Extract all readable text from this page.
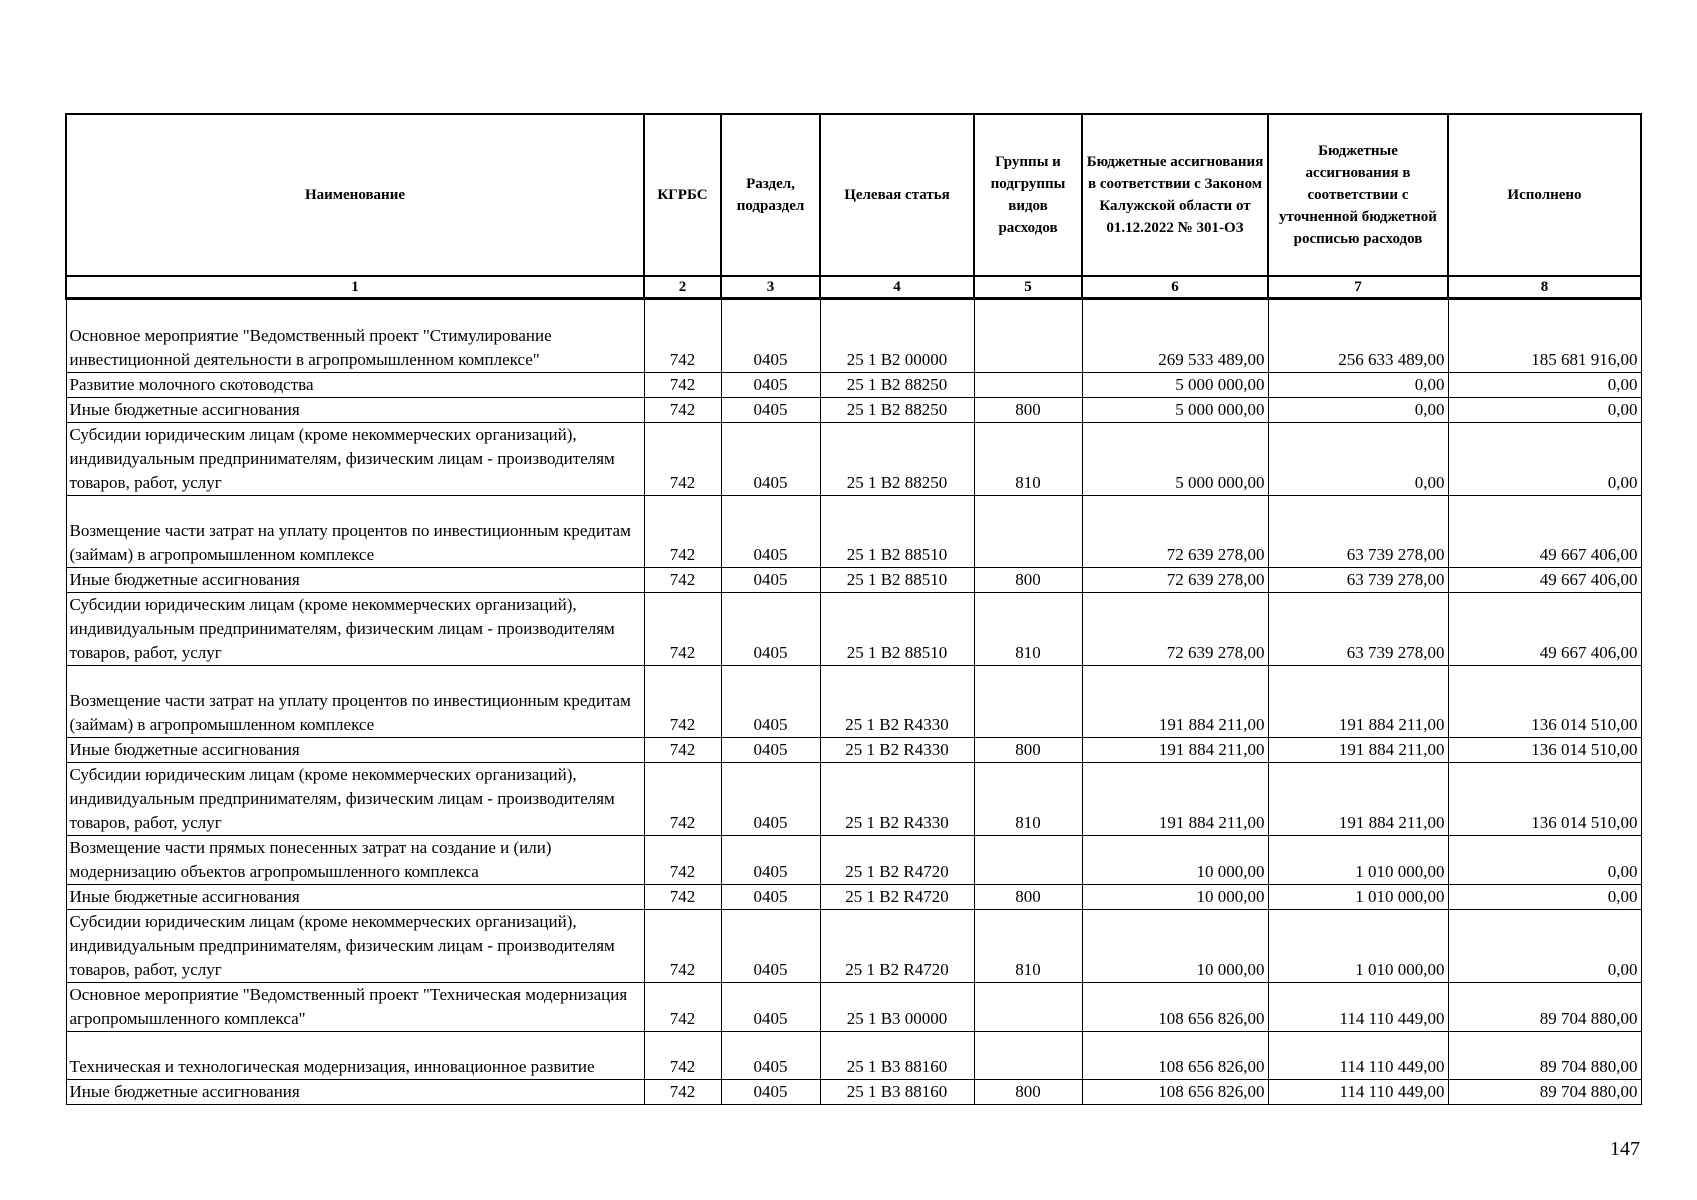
Наименование	КГРБС	Раздел, подраздел	Целевая статья	Группы и подгруппы видов расходов	Бюджетные ассигнования в соответствии с Законом Калужской области от 01.12.2022 № 301-ОЗ	Бюджетные ассигнования в соответствии с уточненной бюджетной росписью расходов	Исполнено
1	2	3	4	5	6	7	8
Основное мероприятие "Ведомственный проект "Стимулирование инвестиционной деятельности в агропромышленном комплексе"	742	0405	25 1 B2 00000		269 533 489,00	256 633 489,00	185 681 916,00
Развитие молочного скотоводства	742	0405	25 1 B2 88250		5 000 000,00	0,00	0,00
Иные бюджетные ассигнования	742	0405	25 1 B2 88250	800	5 000 000,00	0,00	0,00
Субсидии юридическим лицам (кроме некоммерческих организаций), индивидуальным предпринимателям, физическим лицам - производителям товаров, работ, услуг	742	0405	25 1 B2 88250	810	5 000 000,00	0,00	0,00
Возмещение части затрат на уплату процентов по инвестиционным кредитам (займам) в агропромышленном комплексе	742	0405	25 1 B2 88510		72 639 278,00	63 739 278,00	49 667 406,00
Иные бюджетные ассигнования	742	0405	25 1 B2 88510	800	72 639 278,00	63 739 278,00	49 667 406,00
Субсидии юридическим лицам (кроме некоммерческих организаций), индивидуальным предпринимателям, физическим лицам - производителям товаров, работ, услуг	742	0405	25 1 B2 88510	810	72 639 278,00	63 739 278,00	49 667 406,00
Возмещение части затрат на уплату процентов по инвестиционным кредитам (займам) в агропромышленном комплексе	742	0405	25 1 B2 R4330		191 884 211,00	191 884 211,00	136 014 510,00
Иные бюджетные ассигнования	742	0405	25 1 B2 R4330	800	191 884 211,00	191 884 211,00	136 014 510,00
Субсидии юридическим лицам (кроме некоммерческих организаций), индивидуальным предпринимателям, физическим лицам - производителям товаров, работ, услуг	742	0405	25 1 B2 R4330	810	191 884 211,00	191 884 211,00	136 014 510,00
Возмещение части прямых понесенных затрат на создание и (или) модернизацию объектов агропромышленного комплекса	742	0405	25 1 B2 R4720		10 000,00	1 010 000,00	0,00
Иные бюджетные ассигнования	742	0405	25 1 B2 R4720	800	10 000,00	1 010 000,00	0,00
Субсидии юридическим лицам (кроме некоммерческих организаций), индивидуальным предпринимателям, физическим лицам - производителям товаров, работ, услуг	742	0405	25 1 B2 R4720	810	10 000,00	1 010 000,00	0,00
Основное мероприятие "Ведомственный проект "Техническая модернизация агропромышленного комплекса"	742	0405	25 1 B3 00000		108 656 826,00	114 110 449,00	89 704 880,00
Техническая и технологическая модернизация, инновационное развитие	742	0405	25 1 B3 88160		108 656 826,00	114 110 449,00	89 704 880,00
Иные бюджетные ассигнования	742	0405	25 1 B3 88160	800	108 656 826,00	114 110 449,00	89 704 880,00
147
